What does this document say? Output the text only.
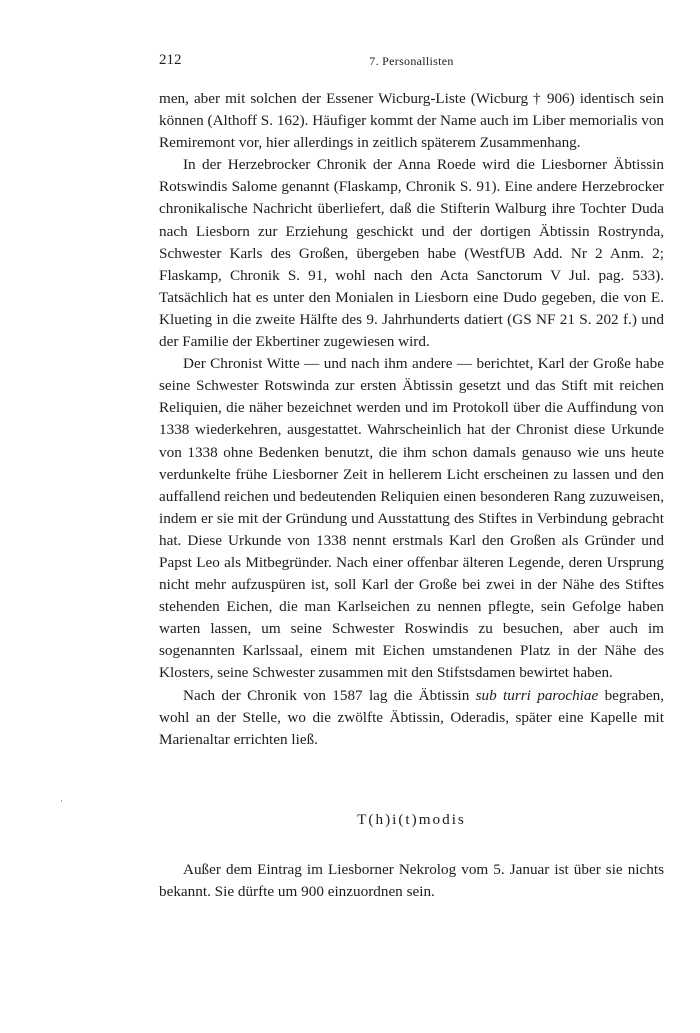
·
212	7. Personallisten

men, aber mit solchen der Essener Wicburg-Liste (Wicburg † 906) identisch sein können (Althoff S. 162). Häufiger kommt der Name auch im Liber memorialis von Remiremont vor, hier allerdings in zeitlich späterem Zusammenhang.

In der Herzebrocker Chronik der Anna Roede wird die Liesborner Äbtissin Rotswindis Salome genannt (Flaskamp, Chronik S. 91). Eine andere Herzebrocker chronikalische Nachricht überliefert, daß die Stifterin Walburg ihre Tochter Duda nach Liesborn zur Erziehung geschickt und der dortigen Äbtissin Rostrynda, Schwester Karls des Großen, übergeben habe (WestfUB Add. Nr 2 Anm. 2; Flaskamp, Chronik S. 91, wohl nach den Acta Sanctorum V Jul. pag. 533). Tatsächlich hat es unter den Monialen in Liesborn eine Dudo gegeben, die von E. Klueting in die zweite Hälfte des 9. Jahrhunderts datiert (GS NF 21 S. 202 f.) und der Familie der Ekbertiner zugewiesen wird.

Der Chronist Witte — und nach ihm andere — berichtet, Karl der Große habe seine Schwester Rotswinda zur ersten Äbtissin gesetzt und das Stift mit reichen Reliquien, die näher bezeichnet werden und im Protokoll über die Auffindung von 1338 wiederkehren, ausgestattet. Wahrscheinlich hat der Chronist diese Urkunde von 1338 ohne Bedenken benutzt, die ihm schon damals genauso wie uns heute verdunkelte frühe Liesborner Zeit in hellerem Licht erscheinen zu lassen und den auffallend reichen und bedeutenden Reliquien einen besonderen Rang zuzuweisen, indem er sie mit der Gründung und Ausstattung des Stiftes in Verbindung gebracht hat. Diese Urkunde von 1338 nennt erstmals Karl den Großen als Gründer und Papst Leo als Mitbegründer. Nach einer offenbar älteren Legende, deren Ursprung nicht mehr aufzuspüren ist, soll Karl der Große bei zwei in der Nähe des Stiftes stehenden Eichen, die man Karlseichen zu nennen pflegte, sein Gefolge haben warten lassen, um seine Schwester Roswindis zu besuchen, aber auch im sogenannten Karlssaal, einem mit Eichen umstandenen Platz in der Nähe des Klosters, seine Schwester zusammen mit den Stifstsdamen bewirtet haben.

Nach der Chronik von 1587 lag die Äbtissin sub turri parochiae begraben, wohl an der Stelle, wo die zwölfte Äbtissin, Oderadis, später eine Kapelle mit Marienaltar errichten ließ.

T(h)i(t)modis

Außer dem Eintrag im Liesborner Nekrolog vom 5. Januar ist über sie nichts bekannt. Sie dürfte um 900 einzuordnen sein.
